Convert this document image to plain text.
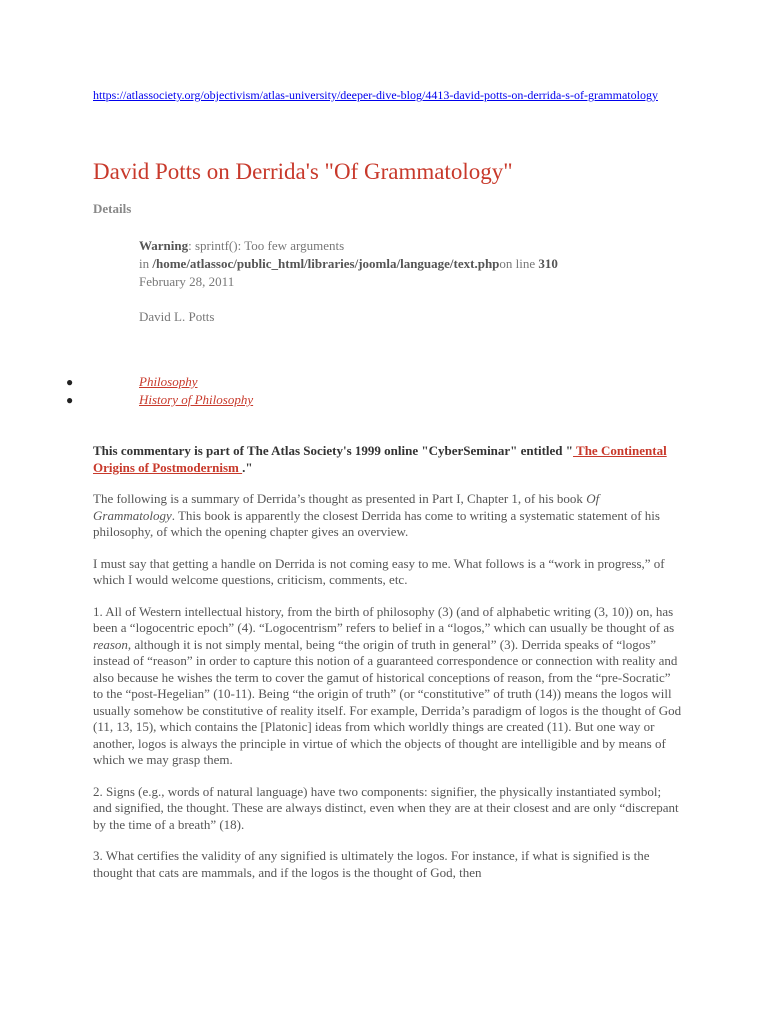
https://atlassociety.org/objectivism/atlas-university/deeper-dive-blog/4413-david-potts-on-derrida-s-of-grammatology
David Potts on Derrida's "Of Grammatology"
Details
Warning: sprintf(): Too few arguments
in /home/atlassoc/public_html/libraries/joomla/language/text.phpon line 310
February 28, 2011
David L. Potts
●	Philosophy
●	History of Philosophy

This commentary is part of The Atlas Society's 1999 online "CyberSeminar" entitled " The Continental Origins of Postmodernism ."

The following is a summary of Derrida’s thought as presented in Part I, Chapter 1, of his book Of Grammatology. This book is apparently the closest Derrida has come to writing a systematic statement of his philosophy, of which the opening chapter gives an overview.

I must say that getting a handle on Derrida is not coming easy to me. What follows is a “work in progress,” of which I would welcome questions, criticism, comments, etc.

1. All of Western intellectual history, from the birth of philosophy (3) (and of alphabetic writing (3, 10)) on, has been a “logocentric epoch” (4). “Logocentrism” refers to belief in a “logos,” which can usually be thought of as reason, although it is not simply mental, being “the origin of truth in general” (3). Derrida speaks of “logos” instead of “reason” in order to capture this notion of a guaranteed correspondence or connection with reality and also because he wishes the term to cover the gamut of historical conceptions of reason, from the “pre-Socratic” to the “post-Hegelian” (10-11). Being “the origin of truth” (or “constitutive” of truth (14)) means the logos will usually somehow be constitutive of reality itself. For example, Derrida’s paradigm of logos is the thought of God (11, 13, 15), which contains the [Platonic] ideas from which worldly things are created (11). But one way or another, logos is always the principle in virtue of which the objects of thought are intelligible and by means of which we may grasp them.

2. Signs (e.g., words of natural language) have two components: signifier, the physically instantiated symbol; and signified, the thought. These are always distinct, even when they are at their closest and are only “discrepant by the time of a breath” (18).

3. What certifies the validity of any signified is ultimately the logos. For instance, if what is signified is the thought that cats are mammals, and if the logos is the thought of God, then
